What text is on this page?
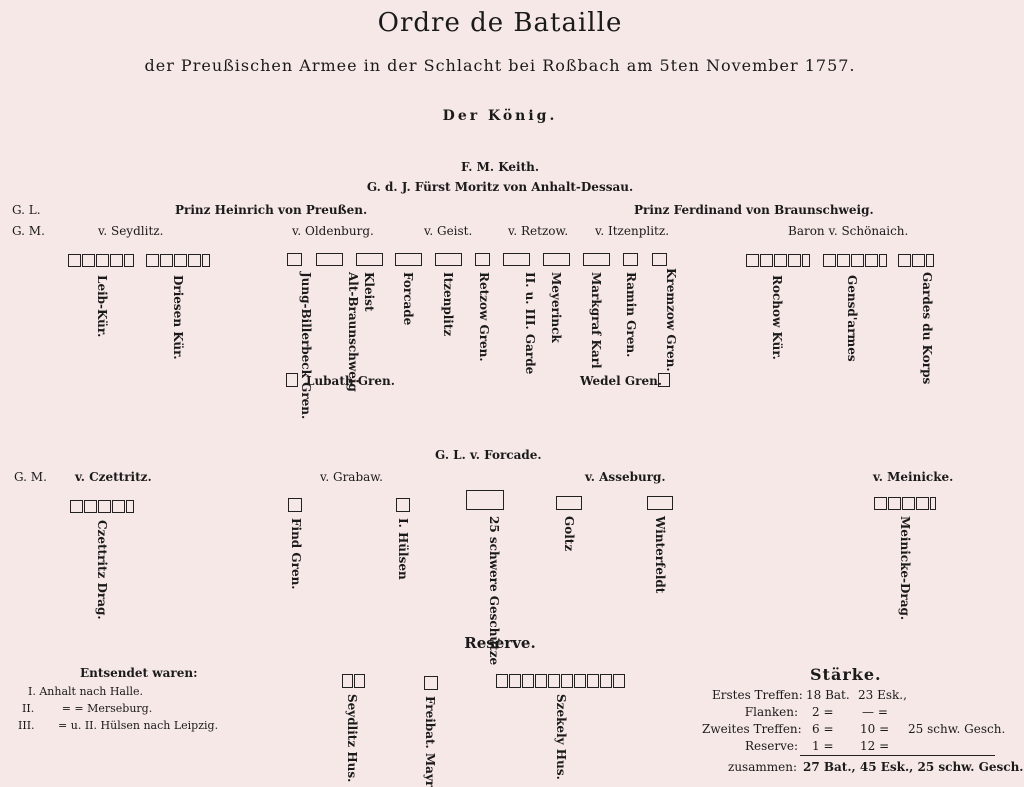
Ordre de Bataille
der Preußischen Armee in der Schlacht bei Roßbach am 5ten November 1757.
Der König.
F. M. Keith.
G. d. J. Fürst Moritz von Anhalt-Dessau.
G. L.
G. M.
Prinz Heinrich von Preußen.	Prinz Ferdinand von Braunschweig.
v. Seydlitz.	v. Oldenburg.	v. Geist.	v. Retzow. v. Itzenplitz.	Baron v. Schönaich.
Leib-Kür.	Driesen Kür.	Jung-Billerbeck Gren.	Alt-Braunschweig Kleist Forcade Itzenplitz Retzow Gren.	II. u. III. Garde Meyerinck Markgraf Karl Ramin Gren.	Kremzow Gren.	Rochow Kür.	Gensd'armes	Gardes du Korps
Lubath Gren.	Wedel Gren.
G. L. v. Forcade.
G. M. v. Czettritz.	v. Grabaw.	v. Asseburg.	v. Meinicke.
Czettritz Drag.	Find Gren.	I. Hülsen	25 schwere Geschütze	Goltz	Winterfeldt	Meinicke-Drag.
Reserve.
Seydlitz Hus.	Freibat. Mayr	Szekely Hus.
Entsendet waren:
I. Anhalt nach Halle.
II.	= = Merseburg.
III. = u. II. Hülsen nach Leipzig.
Stärke.
Erstes Treffen: 18 Bat. 23 Esk.,
Flanken: 2 = — =
Zweites Treffen: 6 = 10 = 25 schw. Gesch.
Reserve: 1 = 12 =
zusammen: 27 Bat., 45 Esk., 25 schw. Gesch.
